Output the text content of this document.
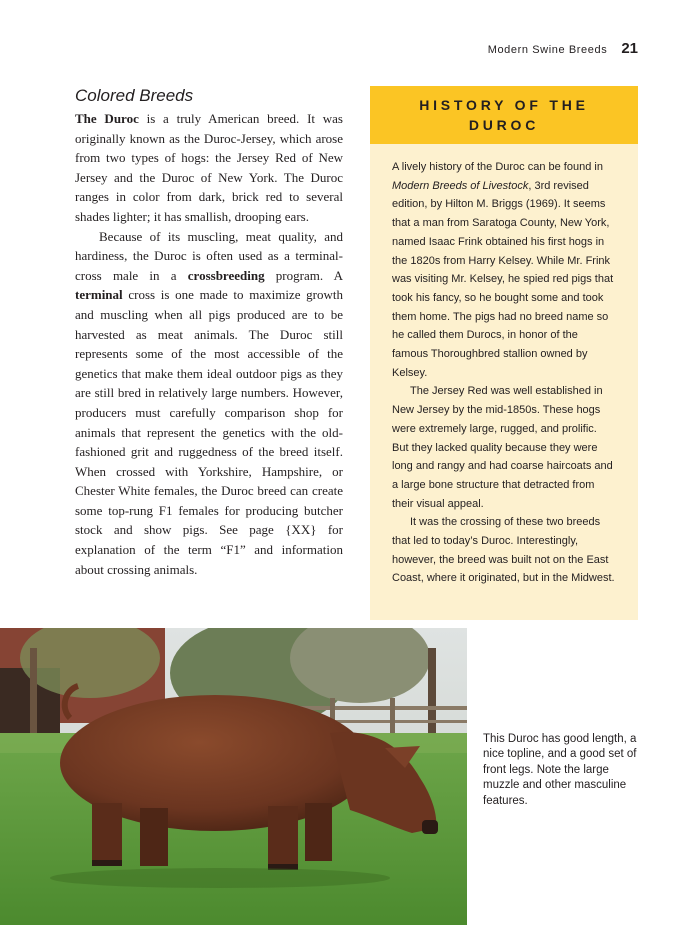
Modern Swine Breeds 21
Colored Breeds

The Duroc is a truly American breed. It was originally known as the Duroc-Jersey, which arose from two types of hogs: the Jersey Red of New Jersey and the Duroc of New York. The Duroc ranges in color from dark, brick red to several shades lighter; it has smallish, drooping ears.

Because of its muscling, meat quality, and hardiness, the Duroc is often used as a terminal-cross male in a crossbreeding program. A terminal cross is one made to maximize growth and muscling when all pigs produced are to be harvested as meat animals. The Duroc still represents some of the most accessible of the genetics that make them ideal outdoor pigs as they are still bred in relatively large numbers. However, producers must carefully comparison shop for animals that represent the genetics with the old-fashioned grit and ruggedness of the breed itself. When crossed with Yorkshire, Hampshire, or Chester White females, the Duroc breed can create some top-rung F1 females for producing butcher stock and show pigs. See page {XX} for explanation of the term “F1” and information about crossing animals.

HISTORY OF THE DUROC

A lively history of the Duroc can be found in Modern Breeds of Livestock, 3rd revised edition, by Hilton M. Briggs (1969). It seems that a man from Saratoga County, New York, named Isaac Frink obtained his first hogs in the 1820s from Harry Kelsey. While Mr. Frink was visiting Mr. Kelsey, he spied red pigs that took his fancy, so he bought some and took them home. The pigs had no breed name so he called them Durocs, in honor of the famous Thoroughbred stallion owned by Kelsey.

The Jersey Red was well established in New Jersey by the mid-1850s. These hogs were extremely large, rugged, and prolific. But they lacked quality because they were long and rangy and had coarse haircoats and a large bone structure that detracted from their visual appeal.

It was the crossing of these two breeds that led to today’s Duroc. Interestingly, however, the breed was built not on the East Coast, where it originated, but in the Midwest.

This Duroc has good length, a nice topline, and a good set of front legs. Note the large muzzle and other masculine features.
